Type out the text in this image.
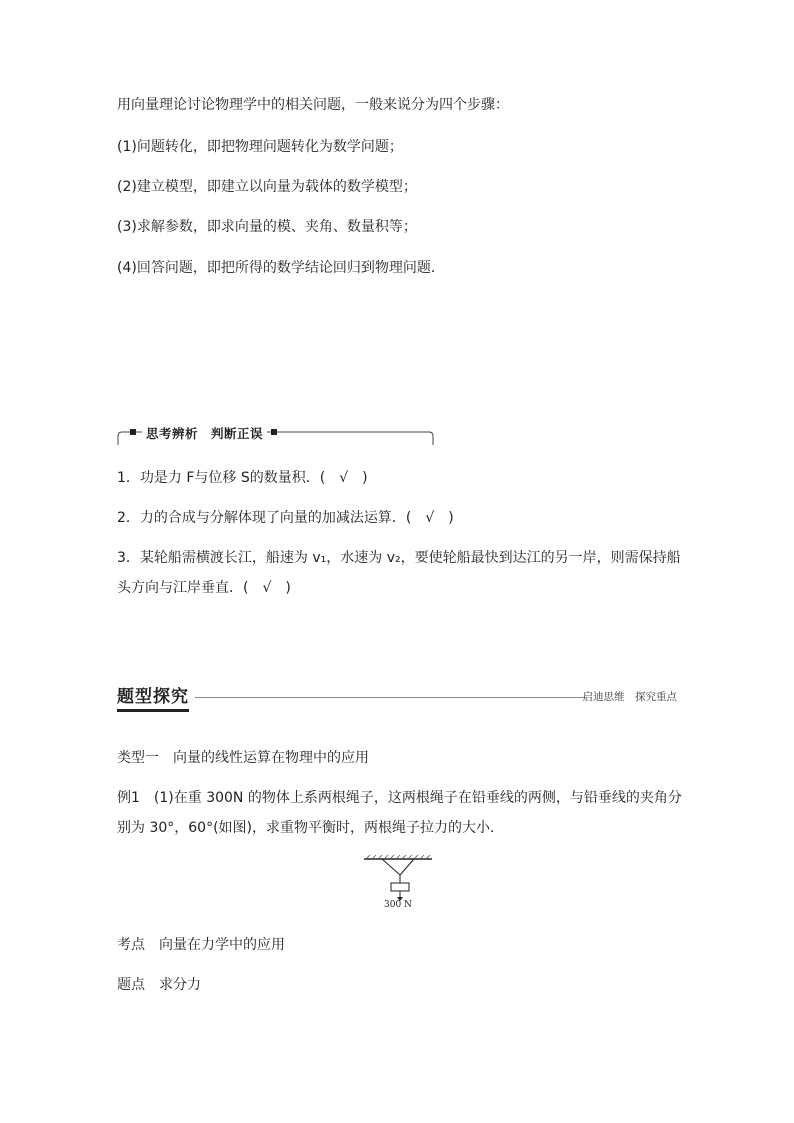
用向量理论讨论物理学中的相关问题，一般来说分为四个步骤：
(1)问题转化，即把物理问题转化为数学问题；
(2)建立模型，即建立以向量为载体的数学模型；
(3)求解参数，即求向量的模、夹角、数量积等；
(4)回答问题，即把所得的数学结论回归到物理问题．
思考辨析　判断正误
1．功是力 F与位移 S的数量积．(　√　)
2．力的合成与分解体现了向量的加减法运算．(　√　)
3．某轮船需横渡长江，船速为 v₁，水速为 v₂，要使轮船最快到达江的另一岸，则需保持船头方向与江岸垂直．(　√　)
题型探究	启迪思维　探究重点
类型一　向量的线性运算在物理中的应用
例1　(1)在重 300N 的物体上系两根绳子，这两根绳子在铅垂线的两侧，与铅垂线的夹角分别为 30°，60°(如图)，求重物平衡时，两根绳子拉力的大小．
300 N
考点　向量在力学中的应用
题点　求分力
